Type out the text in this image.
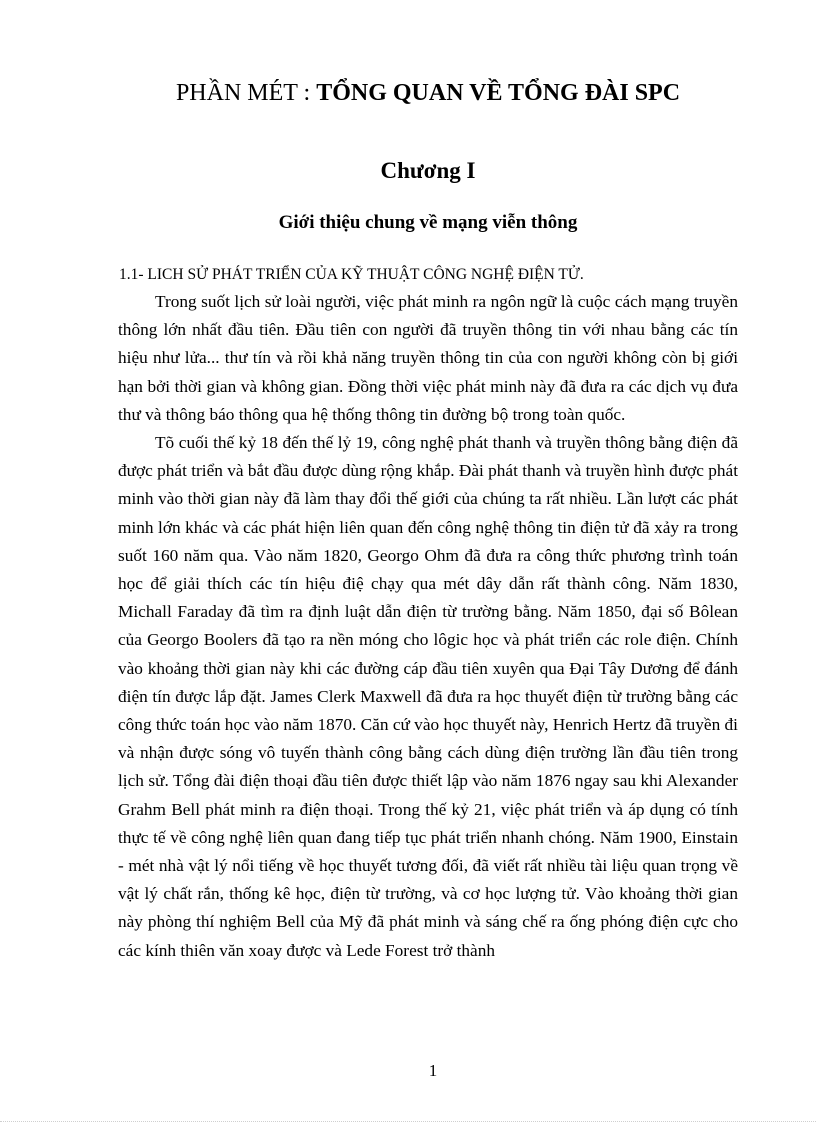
PHẦN MÉT : TỔNG QUAN VỀ TỔNG ĐÀI SPC
Chương I
Giới thiệu chung về mạng viễn thông
1.1- LICH SỬ PHÁT TRIỂN CỦA KỸ THUẬT CÔNG NGHỆ ĐIỆN TỬ.

Trong suốt lịch sử loài người, việc phát minh ra ngôn ngữ là cuộc cách mạng truyền thông lớn nhất đầu tiên. Đầu tiên con người đã truyền thông tin với nhau bằng các tín hiệu như lửa... thư tín và rồi khả năng truyền thông tin của con người không còn bị giới hạn bởi thời gian và không gian. Đồng thời việc phát minh này đã đưa ra các dịch vụ đưa thư và thông báo thông qua hệ thống thông tin đường bộ trong toàn quốc.

Tõ cuối thế kỷ 18 đến thế lỷ 19, công nghệ phát thanh và truyền thông bằng điện đã được phát triển và bắt đầu được dùng rộng khắp. Đài phát thanh và truyền hình được phát minh vào thời gian này đã làm thay đổi thế giới của chúng ta rất nhiều. Lần lượt các phát minh lớn khác và các phát hiện liên quan đến công nghệ thông tin điện tử đã xảy ra trong suốt 160 năm qua. Vào năm 1820, Georgo Ohm đã đưa ra công thức phương trình toán học để giải thích các tín hiệu điệ chạy qua mét dây dẫn rất thành công. Năm 1830, Michall Faraday đã tìm ra định luật dẫn điện từ trường bằng. Năm 1850, đại số Bôlean của Georgo Boolers đã tạo ra nền móng cho lôgic học và phát triển các role điện. Chính vào khoảng thời gian này khi các đường cáp đầu tiên xuyên qua Đại Tây Dương để đánh điện tín được lắp đặt. James Clerk Maxwell đã đưa ra học thuyết điện từ trường bằng các công thức toán học vào năm 1870. Căn cứ vào học thuyết này, Henrich Hertz đã truyền đi và nhận được sóng vô tuyến thành công bằng cách dùng điện trường lần đầu tiên trong lịch sử. Tổng đài điện thoại đầu tiên được thiết lập vào năm 1876 ngay sau khi Alexander Grahm Bell phát minh ra điện thoại. Trong thế kỷ 21, việc phát triển và áp dụng có tính thực tế về công nghệ liên quan đang tiếp tục phát triển nhanh chóng. Năm 1900, Einstain - mét nhà vật lý nổi tiếng về học thuyết tương đối, đã viết rất nhiều tài liệu quan trọng về vật lý chất rắn, thống kê học, điện từ trường, và cơ học lượng tử. Vào khoảng thời gian này phòng thí nghiệm Bell của Mỹ đã phát minh và sáng chế ra ống phóng điện cực cho các kính thiên văn xoay được và Lede Forest trở thành

1
